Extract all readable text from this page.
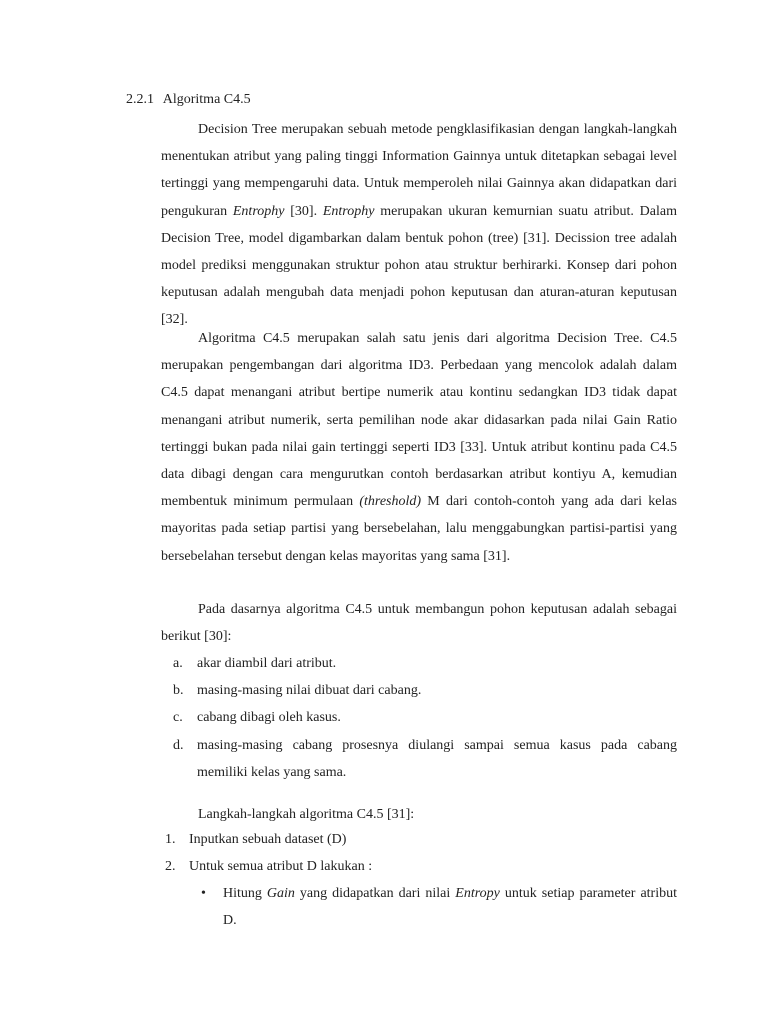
2.2.1 Algoritma C4.5

Decision Tree merupakan sebuah metode pengklasifikasian dengan langkah-langkah menentukan atribut yang paling tinggi Information Gainnya untuk ditetapkan sebagai level tertinggi yang mempengaruhi data. Untuk memperoleh nilai Gainnya akan didapatkan dari pengukuran Entrophy [30]. Entrophy merupakan ukuran kemurnian suatu atribut. Dalam Decision Tree, model digambarkan dalam bentuk pohon (tree) [31]. Decission tree adalah model prediksi menggunakan struktur pohon atau struktur berhirarki. Konsep dari pohon keputusan adalah mengubah data menjadi pohon keputusan dan aturan-aturan keputusan [32].

Algoritma C4.5 merupakan salah satu jenis dari algoritma Decision Tree. C4.5 merupakan pengembangan dari algoritma ID3. Perbedaan yang mencolok adalah dalam C4.5 dapat menangani atribut bertipe numerik atau kontinu sedangkan ID3 tidak dapat menangani atribut numerik, serta pemilihan node akar didasarkan pada nilai Gain Ratio tertinggi bukan pada nilai gain tertinggi seperti ID3 [33]. Untuk atribut kontinu pada C4.5 data dibagi dengan cara mengurutkan contoh berdasarkan atribut kontiyu A, kemudian membentuk minimum permulaan (threshold) M dari contoh-contoh yang ada dari kelas mayoritas pada setiap partisi yang bersebelahan, lalu menggabungkan partisi-partisi yang bersebelahan tersebut dengan kelas mayoritas yang sama [31].

Pada dasarnya algoritma C4.5 untuk membangun pohon keputusan adalah sebagai berikut [30]:

a. akar diambil dari atribut.
b. masing-masing nilai dibuat dari cabang.
c. cabang dibagi oleh kasus.
d. masing-masing cabang prosesnya diulangi sampai semua kasus pada cabang memiliki kelas yang sama.
Langkah-langkah algoritma C4.5 [31]:
1. Inputkan sebuah dataset (D)
2. Untuk semua atribut D lakukan :
• Hitung Gain yang didapatkan dari nilai Entropy untuk setiap parameter atribut D.
